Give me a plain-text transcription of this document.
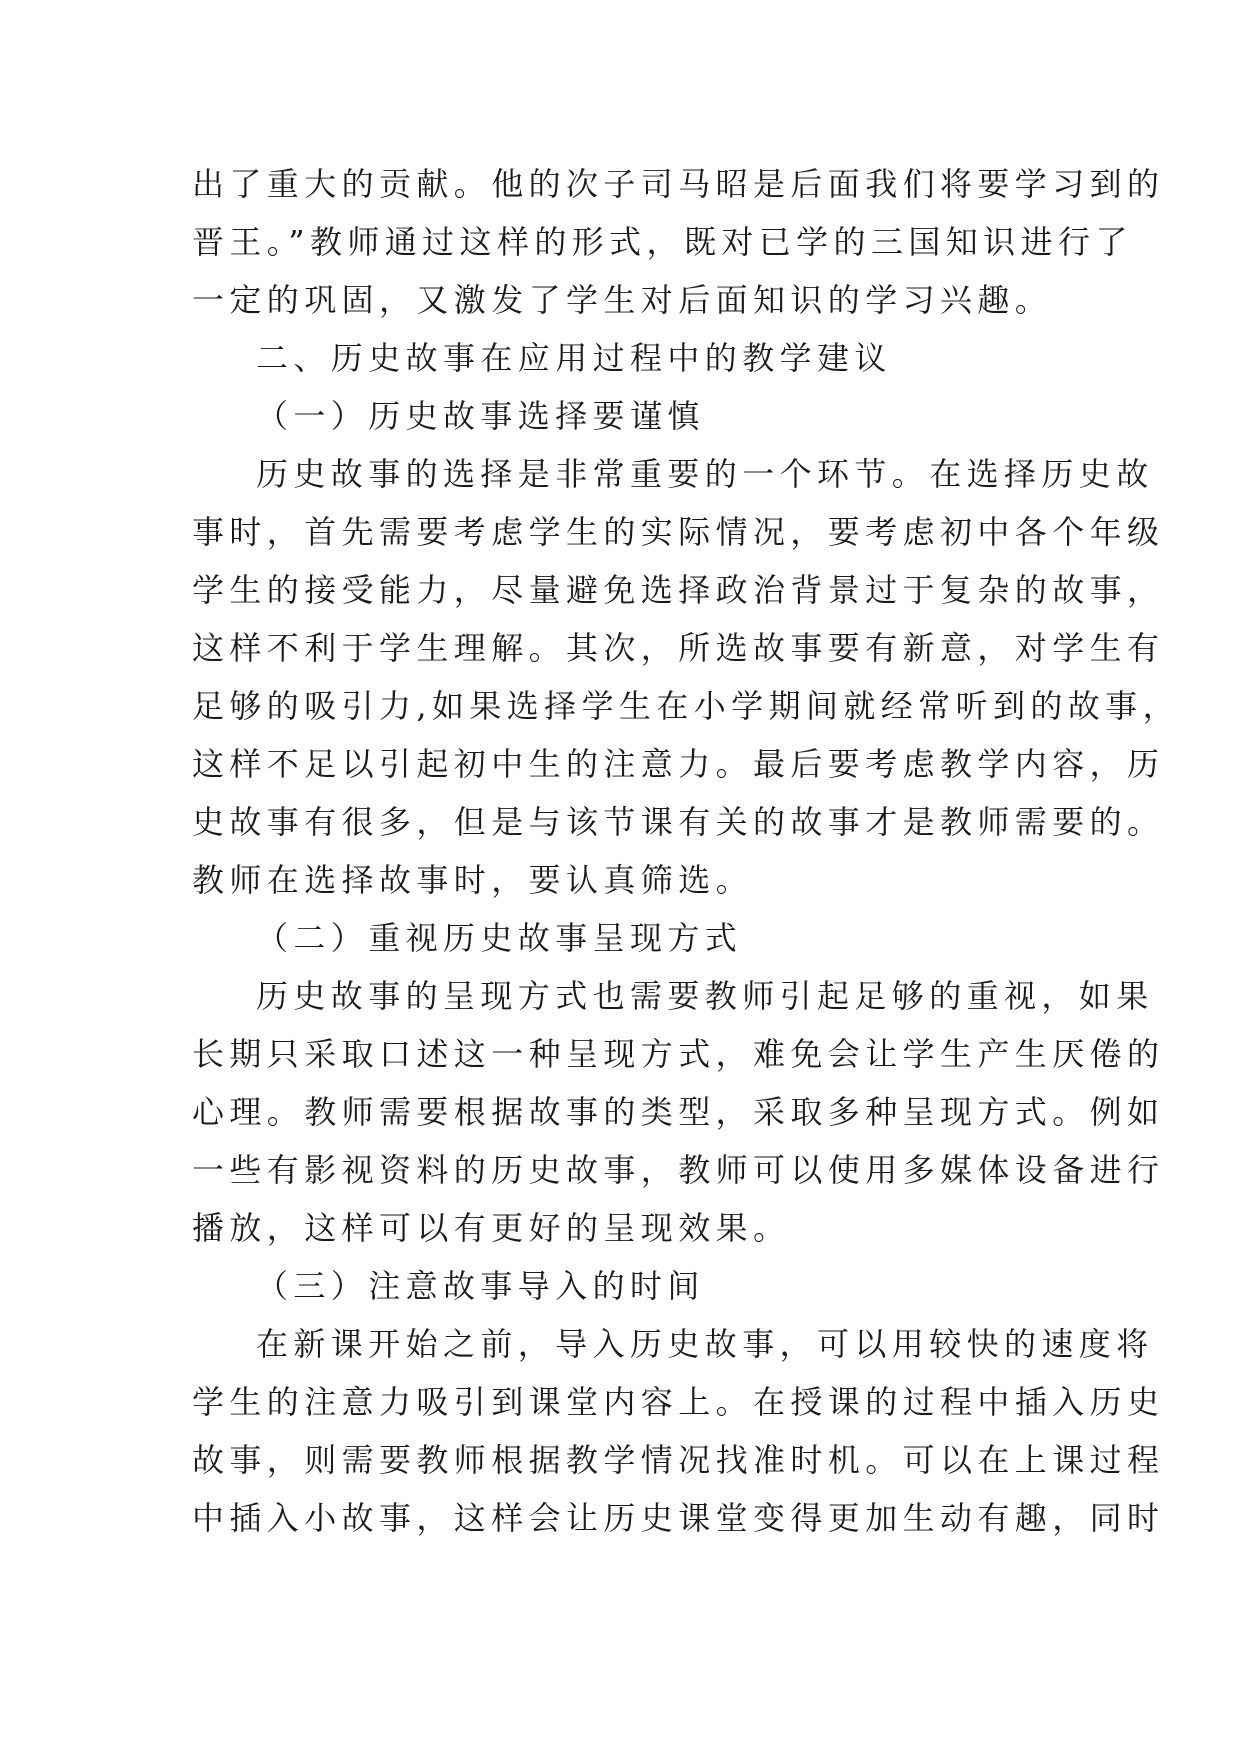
出了重大的贡献。他的次子司马昭是后面我们将要学习到的
晋王。”教师通过这样的形式，既对已学的三国知识进行了
一定的巩固，又激发了学生对后面知识的学习兴趣。
二、历史故事在应用过程中的教学建议
（一）历史故事选择要谨慎
历史故事的选择是非常重要的一个环节。在选择历史故
事时，首先需要考虑学生的实际情况，要考虑初中各个年级
学生的接受能力，尽量避免选择政治背景过于复杂的故事，
这样不利于学生理解。其次，所选故事要有新意，对学生有
足够的吸引力,如果选择学生在小学期间就经常听到的故事，
这样不足以引起初中生的注意力。最后要考虑教学内容，历
史故事有很多，但是与该节课有关的故事才是教师需要的。
教师在选择故事时，要认真筛选。
（二）重视历史故事呈现方式
历史故事的呈现方式也需要教师引起足够的重视，如果
长期只采取口述这一种呈现方式，难免会让学生产生厌倦的
心理。教师需要根据故事的类型，采取多种呈现方式。例如
一些有影视资料的历史故事，教师可以使用多媒体设备进行
播放，这样可以有更好的呈现效果。
（三）注意故事导入的时间
在新课开始之前，导入历史故事，可以用较快的速度将
学生的注意力吸引到课堂内容上。在授课的过程中插入历史
故事，则需要教师根据教学情况找准时机。可以在上课过程
中插入小故事，这样会让历史课堂变得更加生动有趣，同时
